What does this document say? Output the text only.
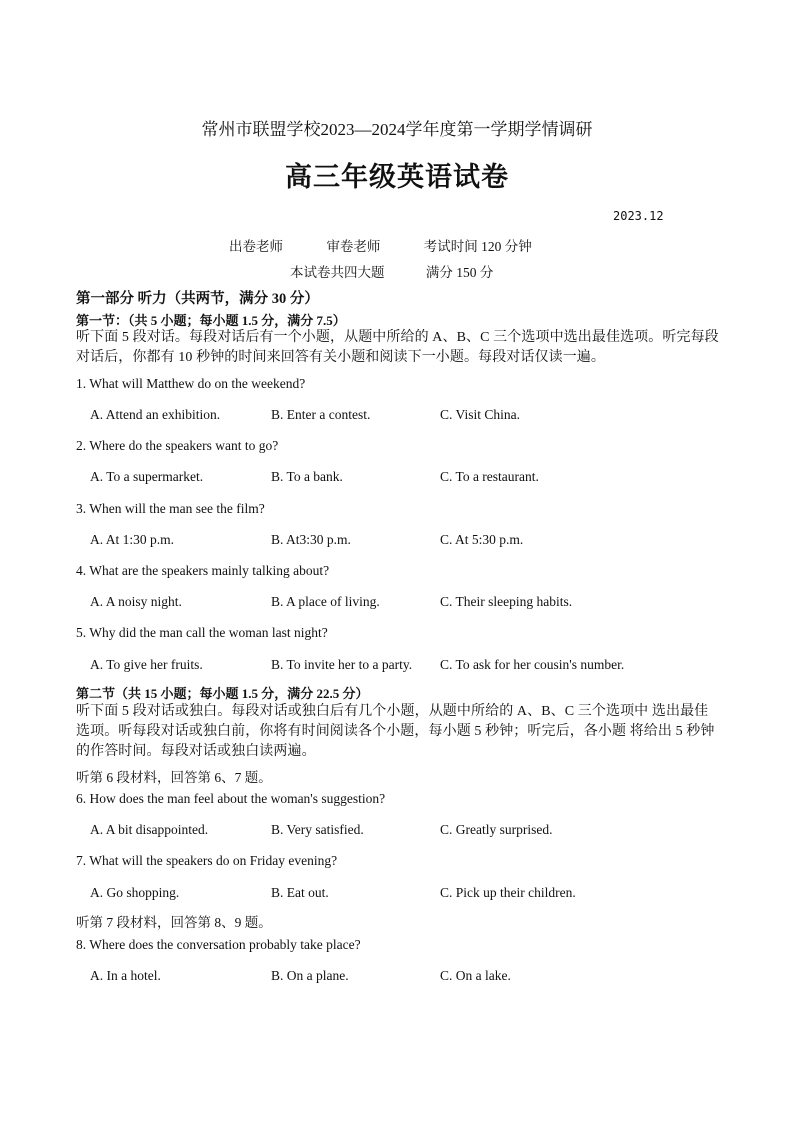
常州市联盟学校2023—2024学年度第一学期学情调研
高三年级英语试卷
2023.12
出卷老师	审卷老师	考试时间 120 分钟
本试卷共四大题	满分 150 分
第一部分 听力（共两节，满分 30 分）
第一节：（共 5 小题；每小题 1.5 分，满分 7.5）
听下面 5 段对话。每段对话后有一个小题，从题中所给的 A、B、C 三个选项中选出最佳选项。听完每段对话后，你都有 10 秒钟的时间来回答有关小题和阅读下一小题。每段对话仅读一遍。
1. What will Matthew do on the weekend?
A. Attend an exhibition.	B. Enter a contest.	C. Visit China.
2. Where do the speakers want to go?
A. To a supermarket.	B. To a bank.	C. To a restaurant.
3. When will the man see the film?
A. At 1:30 p.m.	B. At3:30 p.m.	C. At 5:30 p.m.
4. What are the speakers mainly talking about?
A. A noisy night.	B. A place of living.	C. Their sleeping habits.
5. Why did the man call the woman last night?
A. To give her fruits.	B. To invite her to a party. C. To ask for her cousin's number.
第二节（共 15 小题；每小题 1.5 分，满分 22.5 分）
听下面 5 段对话或独白。每段对话或独白后有几个小题，从题中所给的 A、B、C 三个选项中 选出最佳选项。听每段对话或独白前，你将有时间阅读各个小题，每小题 5 秒钟；听完后，各小题 将给出 5 秒钟的作答时间。每段对话或独白读两遍。
听第 6 段材料，回答第 6、7 题。
6. How does the man feel about the woman's suggestion?
A. A bit disappointed.	B. Very satisfied.	C. Greatly surprised.
7. What will the speakers do on Friday evening?
A. Go shopping.	B. Eat out.	C. Pick up their children.
听第 7 段材料，回答第 8、9 题。
8. Where does the conversation probably take place?
A. In a hotel.	B. On a plane.	C. On a lake.
